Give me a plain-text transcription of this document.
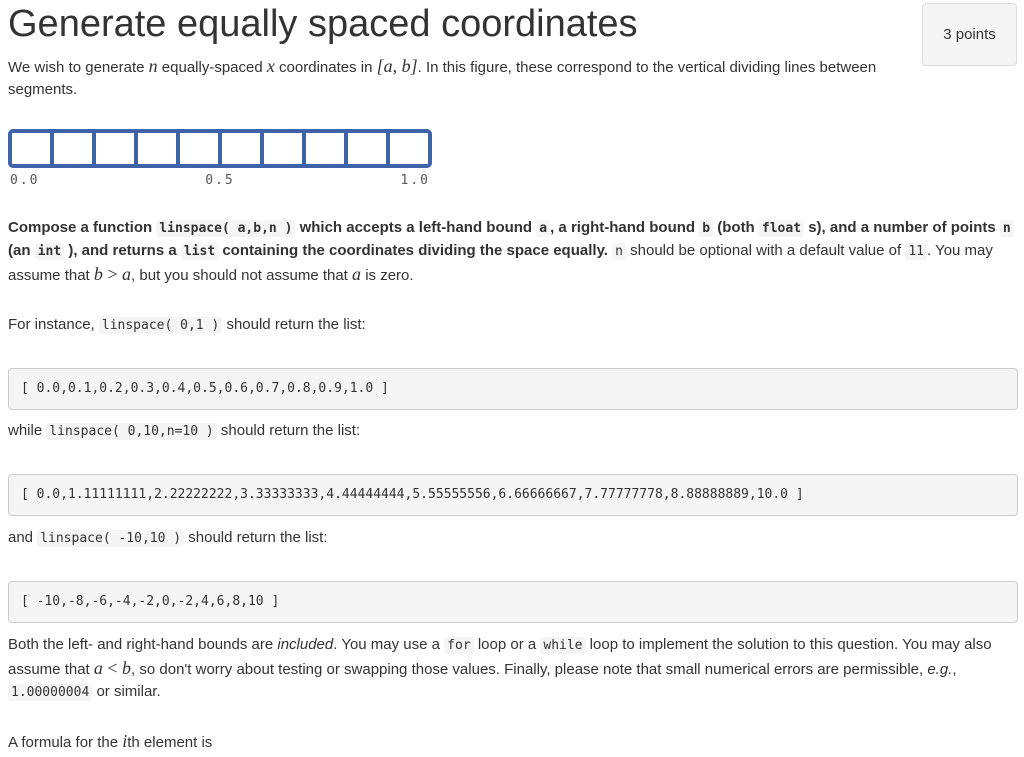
Generate equally spaced coordinates	3 points

We wish to generate n equally-spaced x coordinates in [a, b]. In this figure, these correspond to the vertical dividing lines between segments.

0.0	0.5	1.0

Compose a function linspace( a,b,n ) which accepts a left-hand bound a , a right-hand bound b (both float s), and a number of points n (an int ), and returns a list containing the coordinates dividing the space equally. n should be optional with a default value of 11 . You may assume that b > a, but you should not assume that a is zero.

For instance, linspace( 0,1 ) should return the list:

[ 0.0,0.1,0.2,0.3,0.4,0.5,0.6,0.7,0.8,0.9,1.0 ]

while linspace( 0,10,n=10 ) should return the list:

[ 0.0,1.11111111,2.22222222,3.33333333,4.44444444,5.55555556,6.66666667,7.77777778,8.88888889,10.0 ]

and linspace( -10,10 ) should return the list:

[ -10,-8,-6,-4,-2,0,-2,4,6,8,10 ]

Both the left- and right-hand bounds are included. You may use a for loop or a while loop to implement the solution to this question. You may also assume that a < b, so don't worry about testing or swapping those values. Finally, please note that small numerical errors are permissible, e.g.,
1.00000004 or similar.

A formula for the ith element is
